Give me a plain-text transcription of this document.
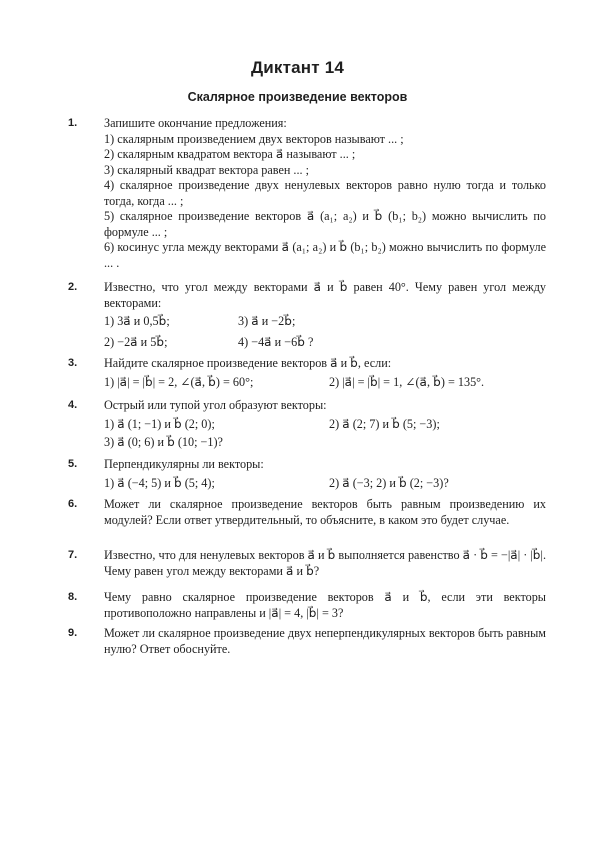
Диктант 14
Скалярное произведение векторов
1. Запишите окончание предложения:
1) скалярным произведением двух векторов называют ... ;
2) скалярным квадратом вектора a⃗ называют ... ;
3) скалярный квадрат вектора равен ... ;
4) скалярное произведение двух ненулевых векторов равно нулю тогда и только тогда, когда ... ;
5) скалярное произведение векторов a⃗ (a₁; a₂) и b⃗ (b₁; b₂) можно вычислить по формуле ... ;
6) косинус угла между векторами a⃗ (a₁; a₂) и b⃗ (b₁; b₂) можно вычислить по формуле ... .
2. Известно, что угол между векторами a⃗ и b⃗ равен 40°. Чему равен угол между векторами:
1) 3a⃗ и 0,5b⃗;	3) a⃗ и −2b⃗;
2) −2a⃗ и 5b⃗;	4) −4a⃗ и −6b⃗ ?
3. Найдите скалярное произведение векторов a⃗ и b⃗, если:
1) |a⃗| = |b⃗| = 2, ∠(a⃗, b⃗) = 60°;	2) |a⃗| = |b⃗| = 1, ∠(a⃗, b⃗) = 135°.
4. Острый или тупой угол образуют векторы:
1) a⃗ (1; −1) и b⃗ (2; 0);	2) a⃗ (2; 7) и b⃗ (5; −3);
3) a⃗ (0; 6) и b⃗ (10; −1)?
5. Перпендикулярны ли векторы:
1) a⃗ (−4; 5) и b⃗ (5; 4);	2) a⃗ (−3; 2) и b⃗ (2; −3)?
6. Может ли скалярное произведение векторов быть равным произведению их модулей? Если ответ утвердительный, то объясните, в каком это будет случае.
7. Известно, что для ненулевых векторов a⃗ и b⃗ выполняется равенство a⃗ · b⃗ = −|a⃗| · |b⃗|. Чему равен угол между векторами a⃗ и b⃗?
8. Чему равно скалярное произведение векторов a⃗ и b⃗, если эти векторы противоположно направлены и |a⃗| = 4, |b⃗| = 3?
9. Может ли скалярное произведение двух неперпендикулярных векторов быть равным нулю? Ответ обоснуйте.
